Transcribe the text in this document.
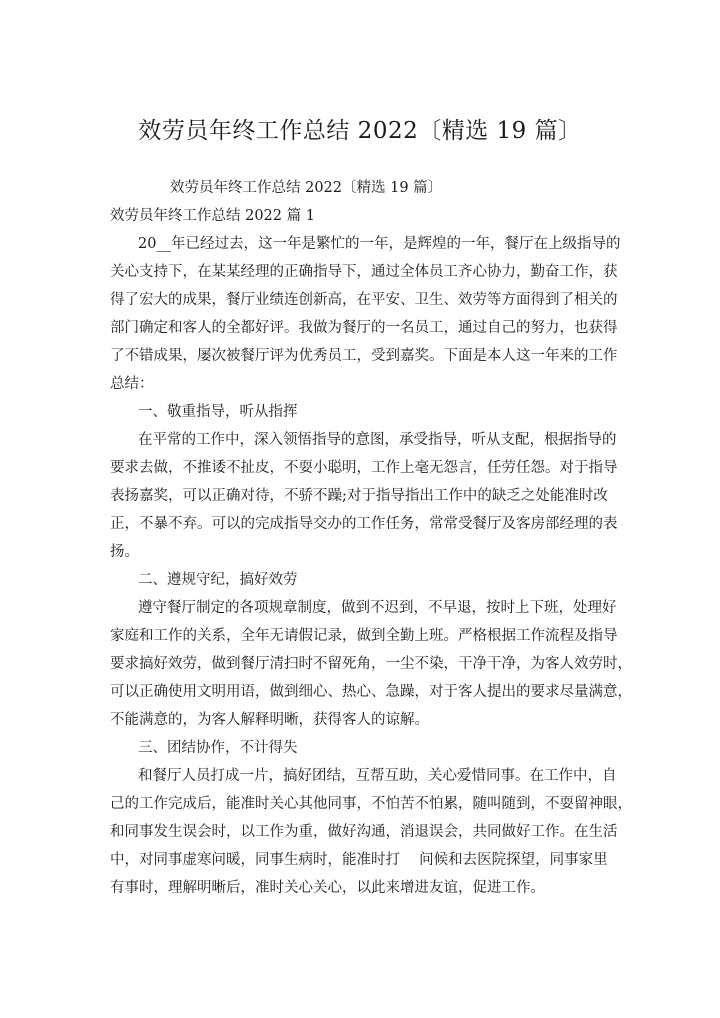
效劳员年终工作总结 2022〔精选 19 篇〕
效劳员年终工作总结 2022〔精选 19 篇〕
效劳员年终工作总结 2022 篇 1
20__年已经过去，这一年是繁忙的一年，是辉煌的一年，餐厅在上级指导的
关心支持下，在某某经理的正确指导下，通过全体员工齐心协力，勤奋工作，获
得了宏大的成果，餐厅业绩连创新高，在平安、卫生、效劳等方面得到了相关的
部门确定和客人的全都好评。我做为餐厅的一名员工，通过自己的努力，也获得
了不错成果，屡次被餐厅评为优秀员工，受到嘉奖。下面是本人这一年来的工作
总结：
一、敬重指导，听从指挥
在平常的工作中，深入领悟指导的意图，承受指导，听从支配，根据指导的
要求去做，不推诿不扯皮，不耍小聪明，工作上毫无怨言，任劳任怨。对于指导
表扬嘉奖，可以正确对待，不骄不躁;对于指导指出工作中的缺乏之处能准时改
正，不暴不弃。可以的完成指导交办的工作任务，常常受餐厅及客房部经理的表
扬。
二、遵规守纪，搞好效劳
遵守餐厅制定的各项规章制度，做到不迟到，不早退，按时上下班，处理好
家庭和工作的关系，全年无请假记录，做到全勤上班。严格根据工作流程及指导
要求搞好效劳，做到餐厅清扫时不留死角，一尘不染，干净干净，为客人效劳时，
可以正确使用文明用语，做到细心、热心、急躁，对于客人提出的要求尽量满意，
不能满意的，为客人解释明晰，获得客人的谅解。
三、团结协作，不计得失
和餐厅人员打成一片，搞好团结，互帮互助，关心爱惜同事。在工作中，自
己的工作完成后，能准时关心其他同事，不怕苦不怕累，随叫随到，不耍留神眼，
和同事发生误会时，以工作为重，做好沟通，消退误会，共同做好工作。在生活
中，对同事虚寒问暖，同事生病时，能准时打　 问候和去医院探望，同事家里
有事时，理解明晰后，准时关心关心，以此来增进友谊，促进工作。
